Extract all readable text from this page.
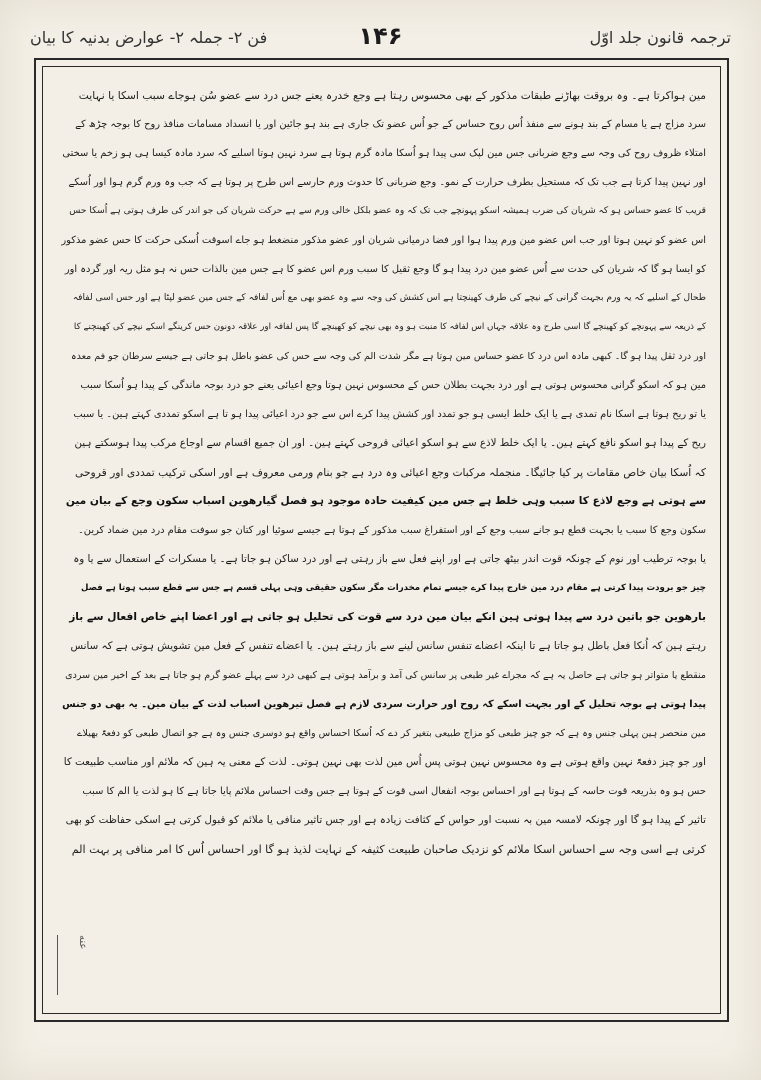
ترجمہ قانون جلد اوّل
۱۴۶
فن ۲- جملہ ۲- عوارض بدنیہ کا بیان
مین ہواکرتا ہے۔ وہ بروقت بھاڑنے طبقات مذکور کے بھی محسوس رہتا ہے وجع خدرہ یعنے جس درد سے عضو سُن ہوجاے سبب اسکا یا نہایت
سرد مزاج ہے یا مسام کے بند ہونے سے منفذ اُس روح حساس کے جو اُس عضو تک جاری ہے بند ہو جائین اور یا انسداد مسامات منافذ روح کا بوجہ چڑھ کے
امتلاء ظروف روح کی وجہ سے وجع ضربانی جس مین لپک سی پیدا ہو اُسکا مادہ گرم ہوتا ہے سرد نہین ہوتا اسلیے کہ سرد مادہ کیسا ہی ہو زخم یا سختی
اور نہین پیدا کرتا ہے جب تک کہ مستحیل بطرف حرارت کے نمو۔ وجع ضربانی کا حدوث ورم حارسے اس طرح پر ہوتا ہے کہ جب وہ ورم گرم ہوا اور اُسکے
قریب کا عضو حساس ہو کہ شریان کی ضرب ہمیشہ اسکو پہونچے جب تک کہ وہ عضو بلکل خالی ورم سے ہے حرکت شریان کی جو اندر کی طرف ہوتی ہے اُسکا حس
اس عضو کو نہین ہوتا اور جب اس عضو مین ورم پیدا ہوا اور فضا درمیانی شریان اور عضو مذکور منضغط ہو جاے اسوقت اُسکی حرکت کا حس عضو مذکور
کو ایسا ہو گا کہ شریان کی حدت سے اُس عضو مین درد پیدا ہو گا وجع ثقیل کا سبب ورم اس عضو کا ہے جس مین بالذات حس نہ ہو مثل ریہ اور گردہ اور
طحال کے اسلیے کہ یہ ورم بجہت گرانی کے نیچے کی طرف کھینچتا ہے اس کشش کی وجہ سے وہ عضو بھی مع اُس لفافہ کے جس مین عضو لپٹا ہے اور حس اسی لفافہ
کے ذریعہ سے پہونچے کو کھینچے گا اسی طرح وہ علاقہ جہاں اس لفافہ کا منبت ہو وہ بھی نیچے کو کھینچے گا پس لفافہ اور علاقہ دونون حس کرینگے اسکے نیچے کی کھینچنے کا
اور درد ثقل پیدا ہو گا۔ کبھی مادہ اس درد کا عضو حساس مین ہوتا ہے مگر شدت الم کی وجہ سے حس کی عضو باطل ہو جاتی ہے جیسے سرطان جو فم معدہ
مین ہو کہ اسکو گرانی محسوس ہوتی ہے اور درد بجہت بطلان حس کے محسوس نہین ہوتا وجع اعیائی یعنے جو درد بوجہ ماندگی کے پیدا ہو اُسکا سبب
یا تو ریح ہوتا ہے اسکا نام تمدی ہے یا ایک خلط ایسی ہو جو تمدد اور کشش پیدا کرے اس سے جو درد اعیائی پیدا ہو تا ہے اسکو تمددی کہتے ہین۔ یا سبب
ریح کے پیدا ہو اسکو نافع کہتے ہین۔ یا ایک خلط لاذع سے ہو اسکو اعیائی قروحی کہتے ہین۔ اور ان جمیع اقسام سے اوجاع مرکب پیدا ہوسکتے ہین
کہ اُسکا بیان خاص مقامات پر کیا جائیگا۔ منجملہ مرکبات وجع اعیائی وہ درد ہے جو بنام ورمی معروف ہے اور اسکی ترکیب تمددی اور قروحی
سے ہوتی ہے وجع لاذع کا سبب وہی خلط ہے جس مین کیفیت حادہ موجود ہو فصل گیارھوین اسباب سکون وجع کے بیان مین
سکون وجع کا سبب یا بجہت قطع ہو جانے سبب وجع کے اور استفراغ سبب مذکور کے ہوتا ہے جیسے سوئیا اور کتان جو سوفت مقام درد مین ضماد کرین۔
یا بوجہ ترطیب اور نوم کے چونکہ قوت اندر بیٹھ جاتی ہے اور اپنے فعل سے باز رہتی ہے اور درد ساکن ہو جاتا ہے۔ یا مسکرات کے استعمال سے یا وہ
چیز جو برودت پیدا کرتی ہے مقام درد مین خارج پیدا کرے جیسے تمام مخدرات مگر سکون حقیقی وہی پہلی قسم ہے جس سے قطع سبب ہوتا ہے فصل
بارھوین جو باتین درد سے پیدا ہوتی ہین انکے بیان مین درد سے قوت کی تحلیل ہو جاتی ہے اور اعضا اپنے خاص افعال سے باز
رہتے ہین کہ اُنکا فعل باطل ہو جاتا ہے تا اینکہ اعضاے تنفس سانس لینے سے باز رہتے ہین۔ یا اعضاے تنفس کے فعل مین تشویش ہوتی ہے کہ سانس
منقطع یا متواتر ہو جاتی ہے حاصل یہ ہے کہ مجراے غیر طبعی پر سانس کی آمد و برآمد ہوتی ہے کبھی درد سے پہلے عضو گرم ہو جاتا ہے بعد کے اخیر مین سردی
پیدا ہوتی ہے بوجہ تحلیل کے اور بجہت اسکے کہ روح اور حرارت سردی لازم ہے فصل تیرھوین اسباب لذت کے بیان مین۔ یہ بھی دو جنس
مین منحصر ہین پہلی جنس وہ ہے کہ جو چیز طبعی کو مزاج طبیعی بتغیر کر دے کہ اُسکا احساس واقع ہو دوسری جنس وہ ہے جو اتصال طبعی کو دفعۃً بھیلاے
اور جو چیز دفعۃً نہین واقع ہوتی ہے وہ محسوس نہین ہوتی پس اُس مین لذت بھی نہین ہوتی۔ لذت کے معنی یہ ہین کہ ملائم اور مناسب طبیعت کا
حس ہو وہ بذریعہ قوت حاسہ کے ہوتا ہے اور احساس بوجہ انفعال اسی قوت کے ہوتا ہے جس وقت احساس ملائم پایا جاتا ہے کا ہو لذت یا الم کا سبب
تاثیر کے پیدا ہو گا اور چونکہ لامسہ مین بہ نسبت اور حواس کے کثافت زیادہ ہے اور جس تاثیر منافی یا ملائم کو قبول کرتی ہے اسکی حفاظت کو بھی
کرتی ہے اسی وجہ سے احساس اسکا ملائم کو نزدیک صاحبان طبیعت کثیفہ کے نہایت لذیذ ہو گا اور احساس اُس کا امر منافی پر بہت الم
عنه
